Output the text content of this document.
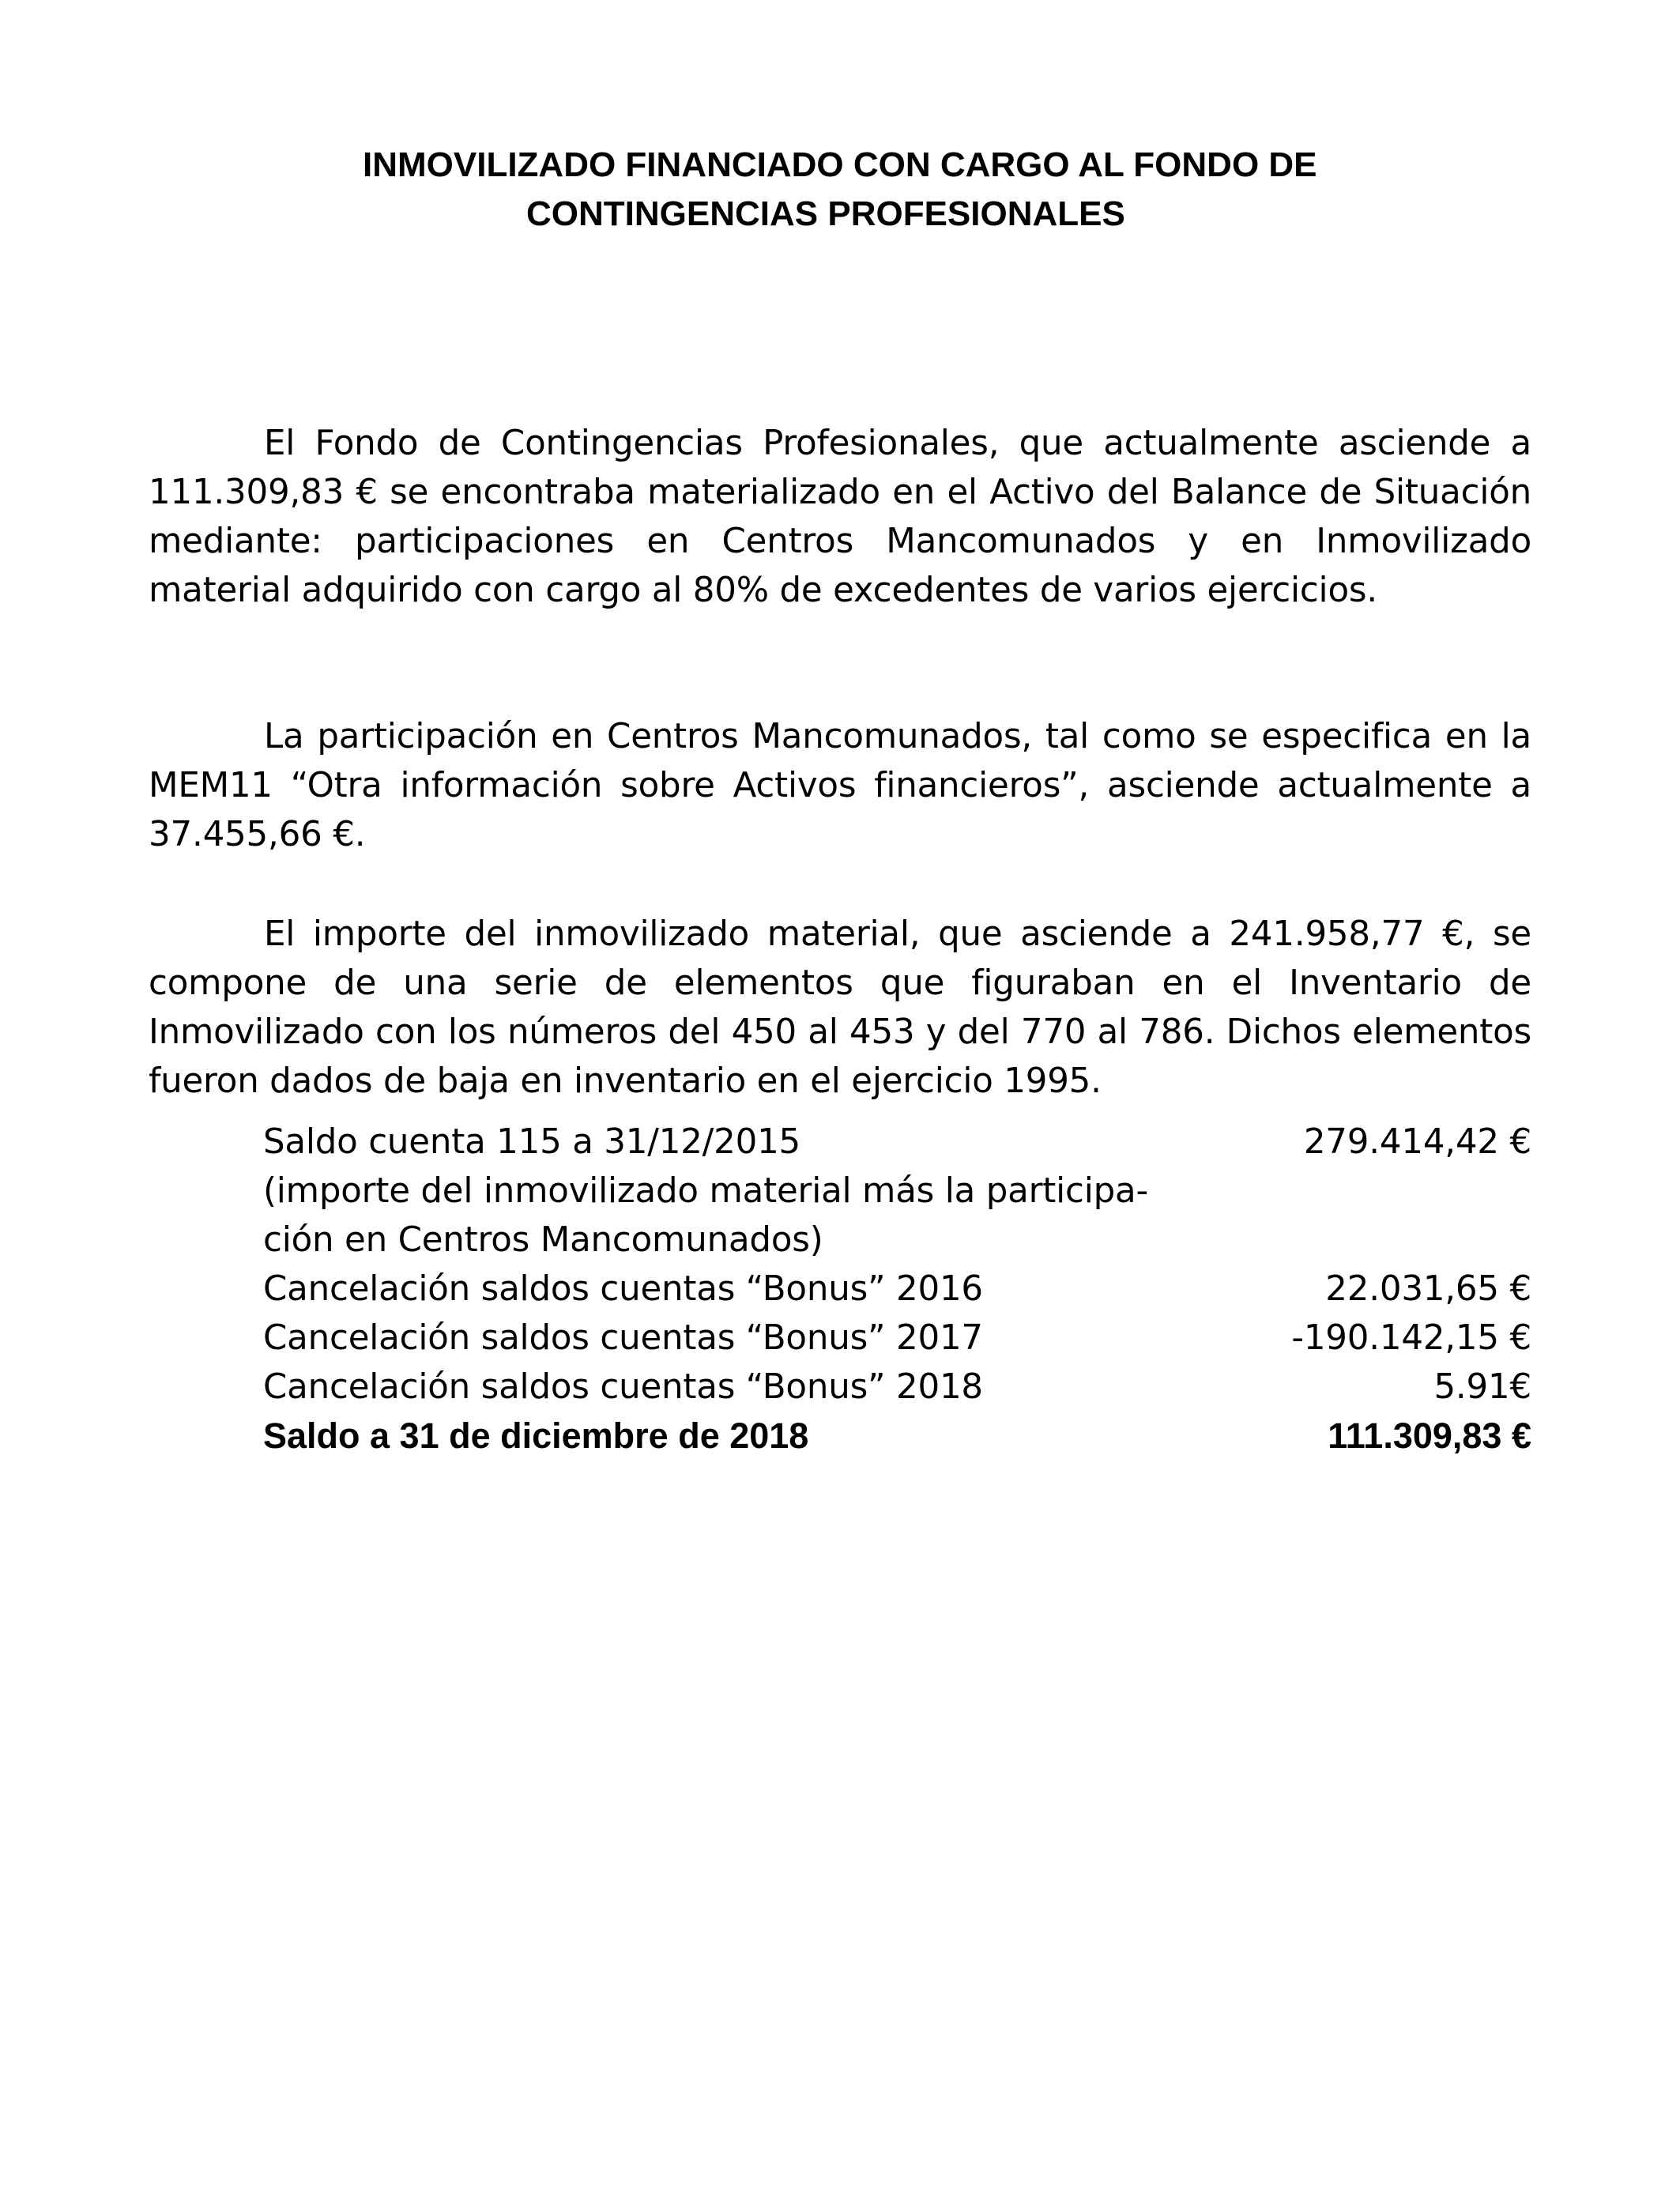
INMOVILIZADO FINANCIADO CON CARGO AL FONDO DE
CONTINGENCIAS PROFESIONALES

El Fondo de Contingencias Profesionales, que actualmente asciende a 111.309,83 € se encontraba materializado en el Activo del Balance de Situación mediante: participaciones en Centros Mancomunados y en Inmovilizado material adquirido con cargo al 80% de excedentes de varios ejercicios.

La participación en Centros Mancomunados, tal como se especifica en la MEM11 “Otra información sobre Activos financieros”, asciende actualmente a 37.455,66 €.

El importe del inmovilizado material, que asciende a 241.958,77 €, se compone de una serie de elementos que figuraban en el Inventario de Inmovilizado con los números del 450 al 453 y del 770 al 786. Dichos elementos fueron dados de baja en inventario en el ejercicio 1995.

Saldo cuenta 115 a 31/12/2015	279.414,42 €
(importe del inmovilizado material más la participa-
ción en Centros Mancomunados)
Cancelación saldos cuentas “Bonus” 2016	22.031,65 €
Cancelación saldos cuentas “Bonus” 2017	-190.142,15 €
Cancelación saldos cuentas “Bonus” 2018	5.91€
Saldo a 31 de diciembre de 2018	111.309,83 €
